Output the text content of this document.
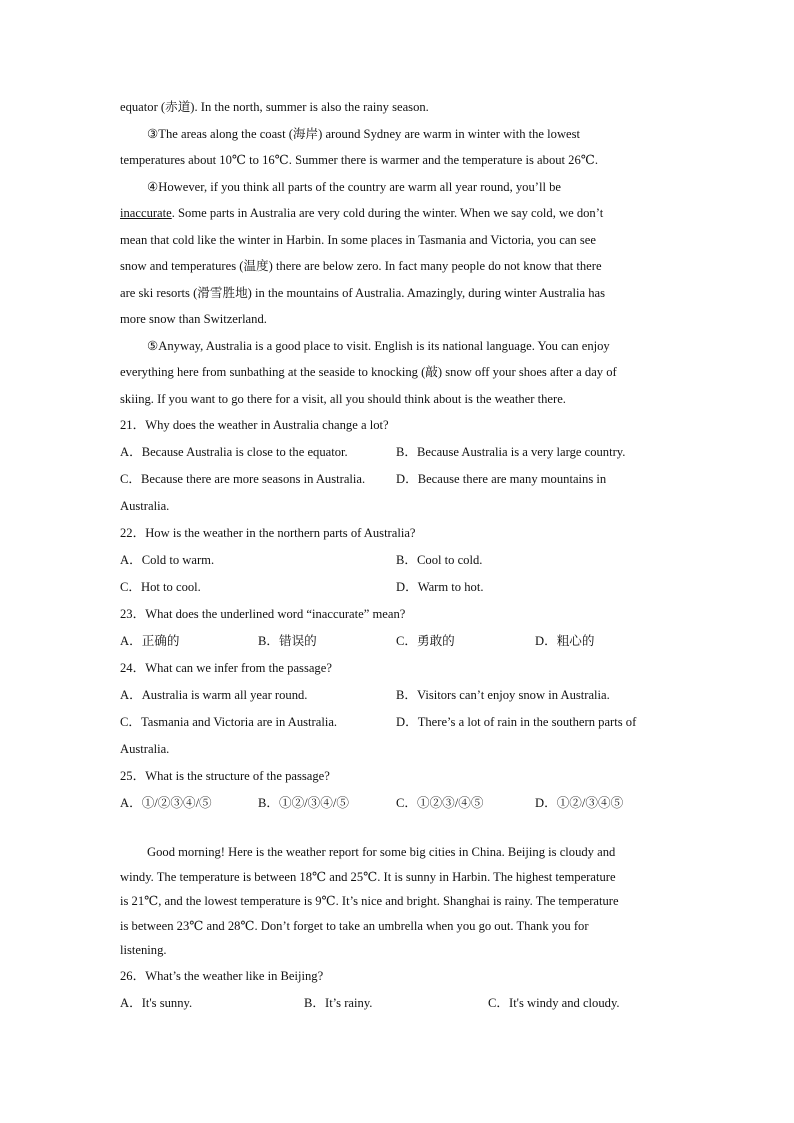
equator (赤道). In the north, summer is also the rainy season.
③The areas along the coast (海岸) around Sydney are warm in winter with the lowest
temperatures about 10℃ to 16℃. Summer there is warmer and the temperature is about 26℃.
④However, if you think all parts of the country are warm all year round, you’ll be
inaccurate. Some parts in Australia are very cold during the winter. When we say cold, we don’t
mean that cold like the winter in Harbin. In some places in Tasmania and Victoria, you can see
snow and temperatures (温度) there are below zero. In fact many people do not know that there
are ski resorts (滑雪胜地) in the mountains of Australia. Amazingly, during winter Australia has
more snow than Switzerland.
⑤Anyway, Australia is a good place to visit. English is its national language. You can enjoy
everything here from sunbathing at the seaside to knocking (敲) snow off your shoes after a day of
skiing. If you want to go there for a visit, all you should think about is the weather there.
21．Why does the weather in Australia change a lot?
A．Because Australia is close to the equator.	B．Because Australia is a very large country.
C．Because there are more seasons in Australia. D．Because there are many mountains in
Australia.
22．How is the weather in the northern parts of Australia?
A．Cold to warm.	B．Cool to cold.
C．Hot to cool.	D．Warm to hot.
23．What does the underlined word “inaccurate” mean?
A．正确的	B．错误的	C．勇敢的	D．粗心的
24．What can we infer from the passage?
A．Australia is warm all year round.	B．Visitors can’t enjoy snow in Australia.
C．Tasmania and Victoria are in Australia.	D．There’s a lot of rain in the southern parts of
Australia.
25．What is the structure of the passage?
A．①/②③④/⑤	B．①②/③④/⑤	C．①②③/④⑤	D．①②/③④⑤
Good morning! Here is the weather report for some big cities in China. Beijing is cloudy and
windy. The temperature is between 18℃ and 25℃. It is sunny in Harbin. The highest temperature
is 21℃, and the lowest temperature is 9℃. It’s nice and bright. Shanghai is rainy. The temperature
is between 23℃ and 28℃. Don’t forget to take an umbrella when you go out. Thank you for
listening.
26．What’s the weather like in Beijing?
A．It's sunny.	B．It’s rainy.	C．It's windy and cloudy.
